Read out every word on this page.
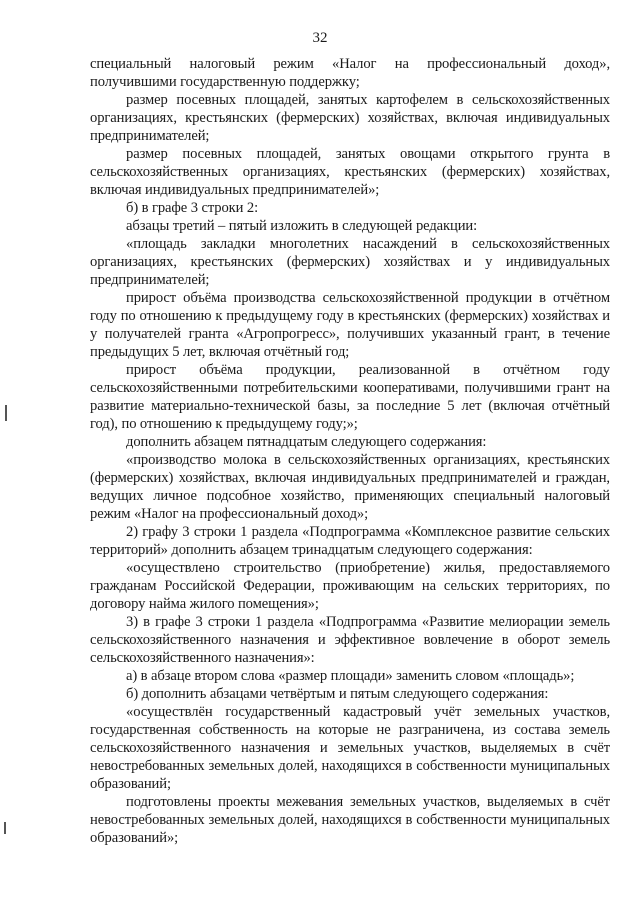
32

специальный налоговый режим «Налог на профессиональный доход», получившими государственную поддержку;

размер посевных площадей, занятых картофелем в сельскохозяйственных организациях, крестьянских (фермерских) хозяйствах, включая индивидуальных предпринимателей;

размер посевных площадей, занятых овощами открытого грунта в сельскохозяйственных организациях, крестьянских (фермерских) хозяйствах, включая индивидуальных предпринимателей»;

б) в графе 3 строки 2:

абзацы третий – пятый изложить в следующей редакции:

«площадь закладки многолетних насаждений в сельскохозяйственных организациях, крестьянских (фермерских) хозяйствах и у индивидуальных предпринимателей;

прирост объёма производства сельскохозяйственной продукции в отчётном году по отношению к предыдущему году в крестьянских (фермерских) хозяйствах и у получателей гранта «Агропрогресс», получивших указанный грант, в течение предыдущих 5 лет, включая отчётный год;

прирост объёма продукции, реализованной в отчётном году сельскохозяйственными потребительскими кооперативами, получившими грант на развитие материально-технической базы, за последние 5 лет (включая отчётный год), по отношению к предыдущему году;»;

дополнить абзацем пятнадцатым следующего содержания:

«производство молока в сельскохозяйственных организациях, крестьянских (фермерских) хозяйствах, включая индивидуальных предпринимателей и граждан, ведущих личное подсобное хозяйство, применяющих специальный налоговый режим «Налог на профессиональный доход»;

2) графу 3 строки 1 раздела «Подпрограмма «Комплексное развитие сельских территорий» дополнить абзацем тринадцатым следующего содержания:

«осуществлено строительство (приобретение) жилья, предоставляемого гражданам Российской Федерации, проживающим на сельских территориях, по договору найма жилого помещения»;

3) в графе 3 строки 1 раздела «Подпрограмма «Развитие мелиорации земель сельскохозяйственного назначения и эффективное вовлечение в оборот земель сельскохозяйственного назначения»:

а) в абзаце втором слова «размер площади» заменить словом «площадь»;

б) дополнить абзацами четвёртым и пятым следующего содержания:

«осуществлён государственный кадастровый учёт земельных участков, государственная собственность на которые не разграничена, из состава земель сельскохозяйственного назначения и земельных участков, выделяемых в счёт невостребованных земельных долей, находящихся в собственности муниципальных образований;

подготовлены проекты межевания земельных участков, выделяемых в счёт невостребованных земельных долей, находящихся в собственности муниципальных образований»;
